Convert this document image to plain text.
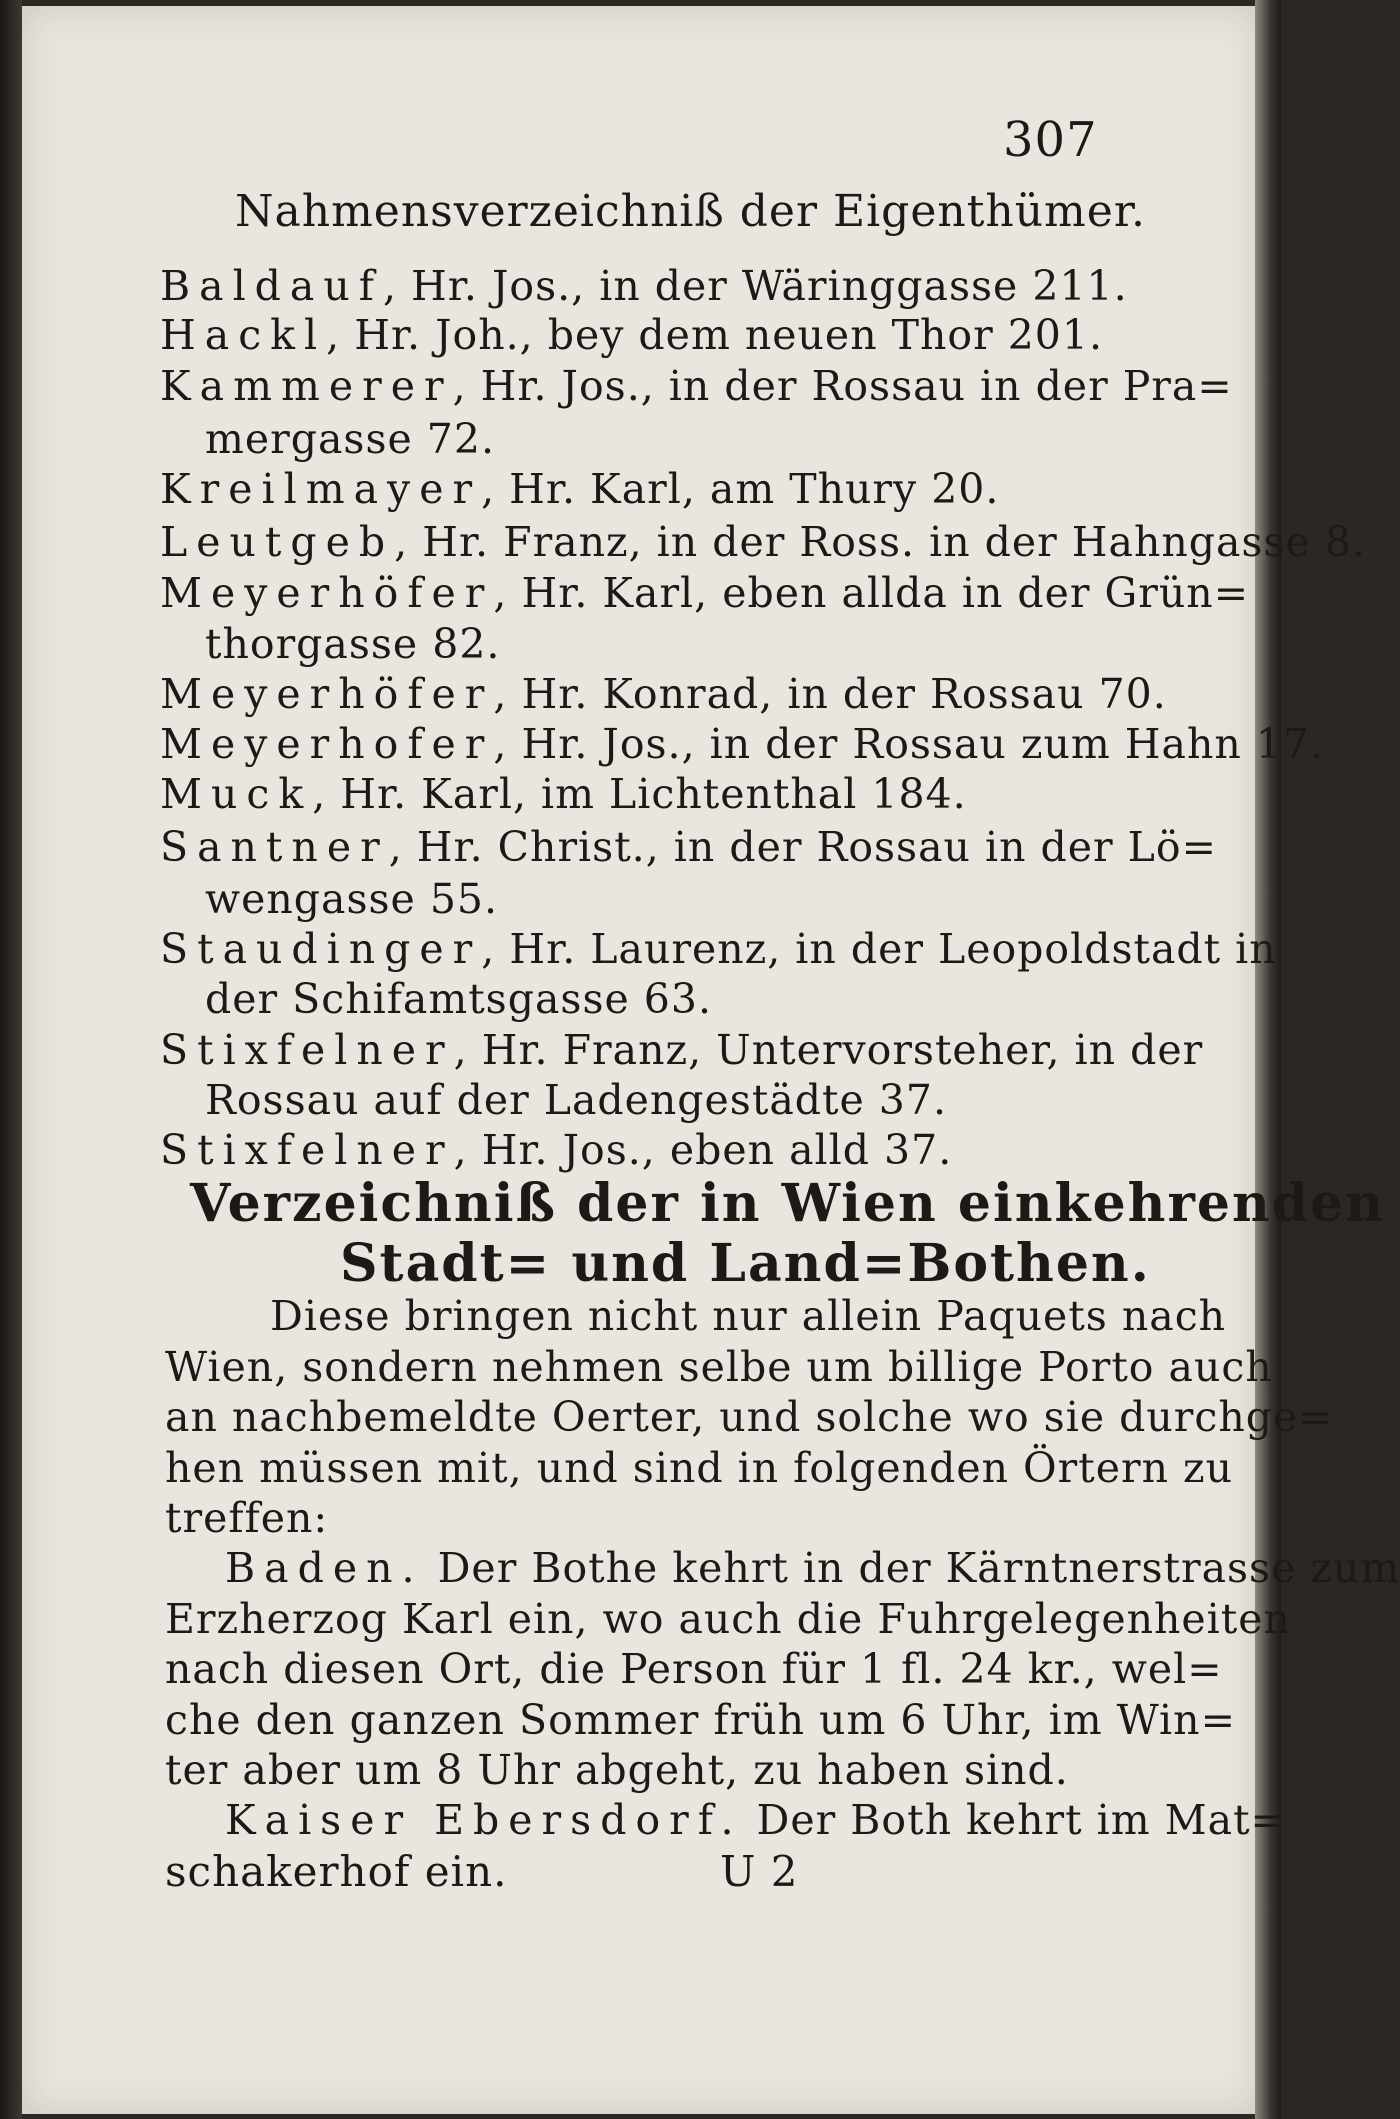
307
Nahmensverzeichniß der Eigenthümer.
Baldauf, Hr. Jos., in der Wäringgasse 211.
Hackl, Hr. Joh., bey dem neuen Thor 201.
Kammerer, Hr. Jos., in der Rossau in der Pra=
mergasse 72.
Kreilmayer, Hr. Karl, am Thury 20.
Leutgeb, Hr. Franz, in der Ross. in der Hahngasse 8.
Meyerhöfer, Hr. Karl, eben allda in der Grün=
thorgasse 82.
Meyerhöfer, Hr. Konrad, in der Rossau 70.
Meyerhofer, Hr. Jos., in der Rossau zum Hahn 17.
Muck, Hr. Karl, im Lichtenthal 184.
Santner, Hr. Christ., in der Rossau in der Lö=
wengasse 55.
Staudinger, Hr. Laurenz, in der Leopoldstadt in
der Schifamtsgasse 63.
Stixfelner, Hr. Franz, Untervorsteher, in der
Rossau auf der Ladengestädte 37.
Stixfelner, Hr. Jos., eben alld 37.
Verzeichniß der in Wien einkehrenden
Stadt= und Land=Bothen.
Diese bringen nicht nur allein Paquets nach
Wien, sondern nehmen selbe um billige Porto auch
an nachbemeldte Oerter, und solche wo sie durchge=
hen müssen mit, und sind in folgenden Örtern zu
treffen:
Baden. Der Bothe kehrt in der Kärntnerstrasse zum
Erzherzog Karl ein, wo auch die Fuhrgelegenheiten
nach diesen Ort, die Person für 1 fl. 24 kr., wel=
che den ganzen Sommer früh um 6 Uhr, im Win=
ter aber um 8 Uhr abgeht, zu haben sind.
Kaiser Ebersdorf. Der Both kehrt im Mat=
schakerhof ein.	U 2
